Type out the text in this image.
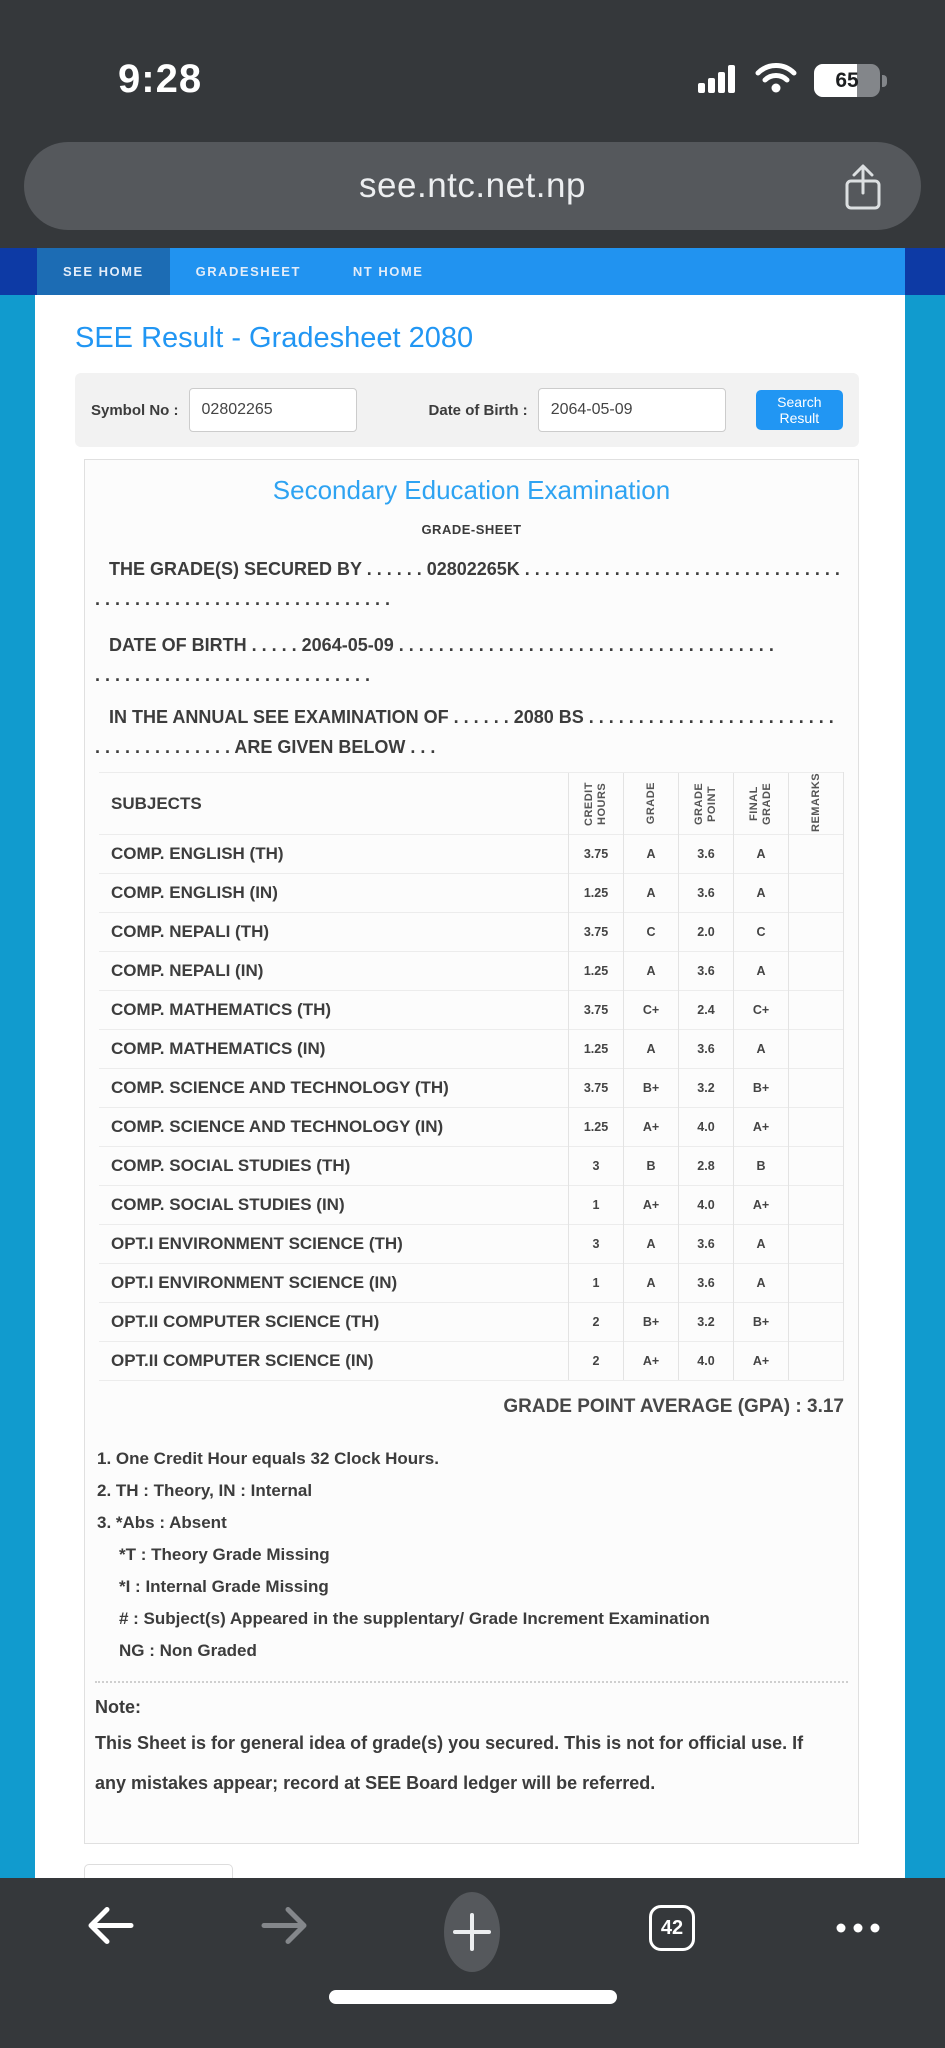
9:28	65
see.ntc.net.np
SEE HOME	GRADESHEET	NT HOME
SEE Result - Gradesheet 2080
Symbol No :
02802265	Date of Birth :
2064-05-09	Search Result
Secondary Education Examination
GRADE-SHEET
THE GRADE(S) SECURED BY . . . . . . 02802265K . . . . . . . . . . . . . . . . . . . . . . . . . . . . . . . .
. . . . . . . . . . . . . . . . . . . . . . . . . . . . . .
DATE OF BIRTH . . . . . 2064-05-09 . . . . . . . . . . . . . . . . . . . . . . . . . . . . . . . . . . . . . .
. . . . . . . . . . . . . . . . . . . . . . . . . . . .
IN THE ANNUAL SEE EXAMINATION OF . . . . . . 2080 BS . . . . . . . . . . . . . . . . . . . . . . . . .
. . . . . . . . . . . . . . ARE GIVEN BELOW . . .
SUBJECTS	CREDIT HOURS	GRADE	GRADE POINT	FINAL GRADE	REMARKS

COMP. ENGLISH (TH)	3.75	A	3.6	A	
COMP. ENGLISH (IN)	1.25	A	3.6	A	
COMP. NEPALI (TH)	3.75	C	2.0	C	
COMP. NEPALI (IN)	1.25	A	3.6	A	
COMP. MATHEMATICS (TH)	3.75	C+	2.4	C+	
COMP. MATHEMATICS (IN)	1.25	A	3.6	A	
COMP. SCIENCE AND TECHNOLOGY (TH)	3.75	B+	3.2	B+	
COMP. SCIENCE AND TECHNOLOGY (IN)	1.25	A+	4.0	A+	
COMP. SOCIAL STUDIES (TH)	3	B	2.8	B	
COMP. SOCIAL STUDIES (IN)	1	A+	4.0	A+	
OPT.I ENVIRONMENT SCIENCE (TH)	3	A	3.6	A	
OPT.I ENVIRONMENT SCIENCE (IN)	1	A	3.6	A	
OPT.II COMPUTER SCIENCE (TH)	2	B+	3.2	B+	
OPT.II COMPUTER SCIENCE (IN)	2	A+	4.0	A+	
GRADE POINT AVERAGE (GPA) : 3.17
1. One Credit Hour equals 32 Clock Hours.
2. TH : Theory, IN : Internal
3. *Abs : Absent
*T : Theory Grade Missing
*I : Internal Grade Missing
# : Subject(s) Appeared in the supplentary/ Grade Increment Examination
NG : Non Graded
Note:
This Sheet is for general idea of grade(s) you secured. This is not for official use. If any mistakes appear; record at SEE Board ledger will be referred.
42
